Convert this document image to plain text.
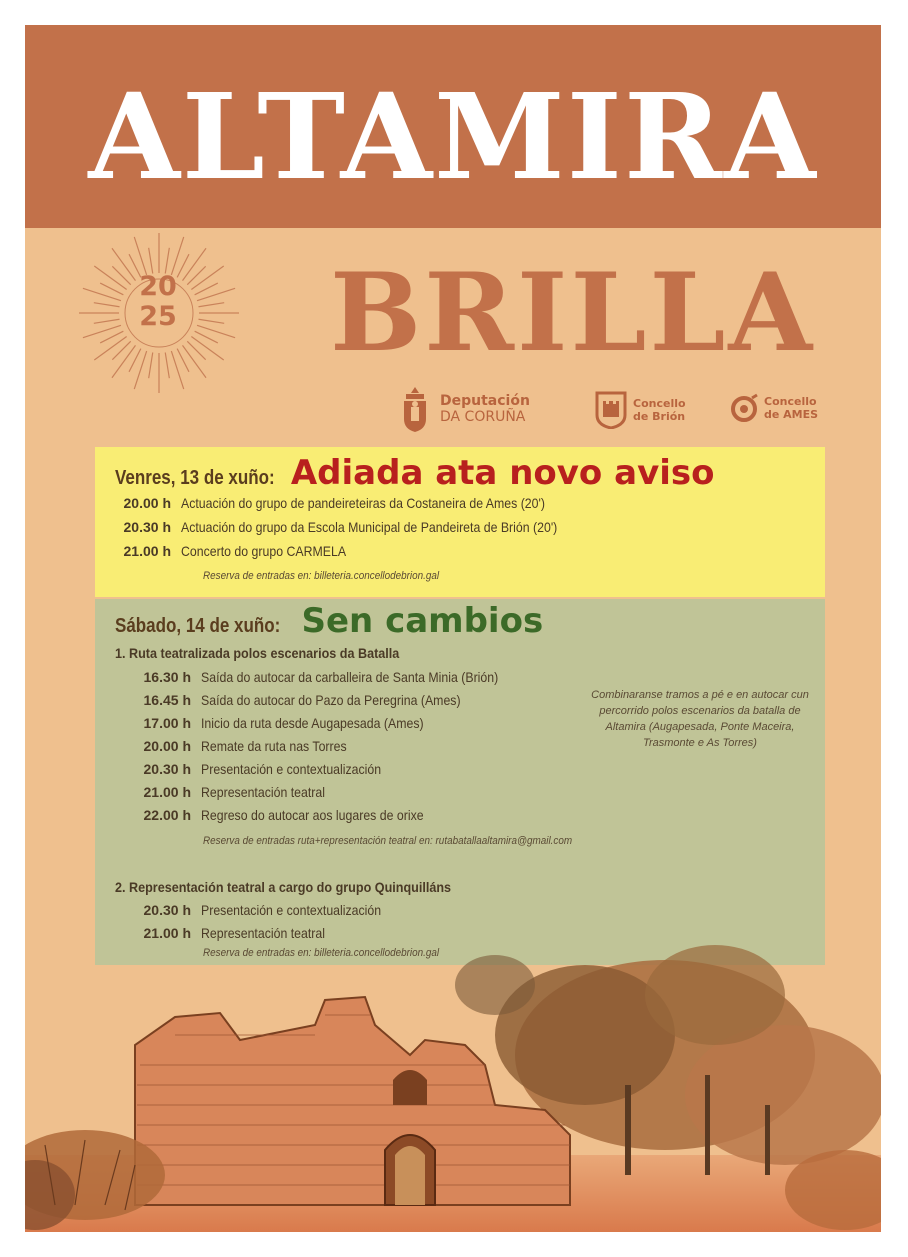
ALTAMIRA
20
25 BRILLA
Deputación
DA CORUÑA
Concello
de Brión
Concello
de AMES
Venres, 13 de xuño: Adiada ata novo aviso
20.00 h Actuación do grupo de pandeireteiras da Costaneira de Ames (20')
20.30 h Actuación do grupo da Escola Municipal de Pandeireta de Brión (20')
21.00 h Concerto do grupo CARMELA
Reserva de entradas en: billeteria.concellodebrion.gal
Sábado, 14 de xuño: Sen cambios
1. Ruta teatralizada polos escenarios da Batalla
16.30 h Saída do autocar da carballeira de Santa Minia (Brión)
16.45 h Saída do autocar do Pazo da Peregrina (Ames)
17.00 h Inicio da ruta desde Augapesada (Ames)
20.00 h Remate da ruta nas Torres
20.30 h Presentación e contextualización
21.00 h Representación teatral
22.00 h Regreso do autocar aos lugares de orixe
Reserva de entradas ruta+representación teatral en: rutabatallaaltamira@gmail.com
Combinaranse tramos a pé e en autocar cun percorrido polos escenarios da batalla de Altamira (Augapesada, Ponte Maceira, Trasmonte e As Torres)
2. Representación teatral a cargo do grupo Quinquilláns
20.30 h Presentación e contextualización
21.00 h Representación teatral
Reserva de entradas en: billeteria.concellodebrion.gal
